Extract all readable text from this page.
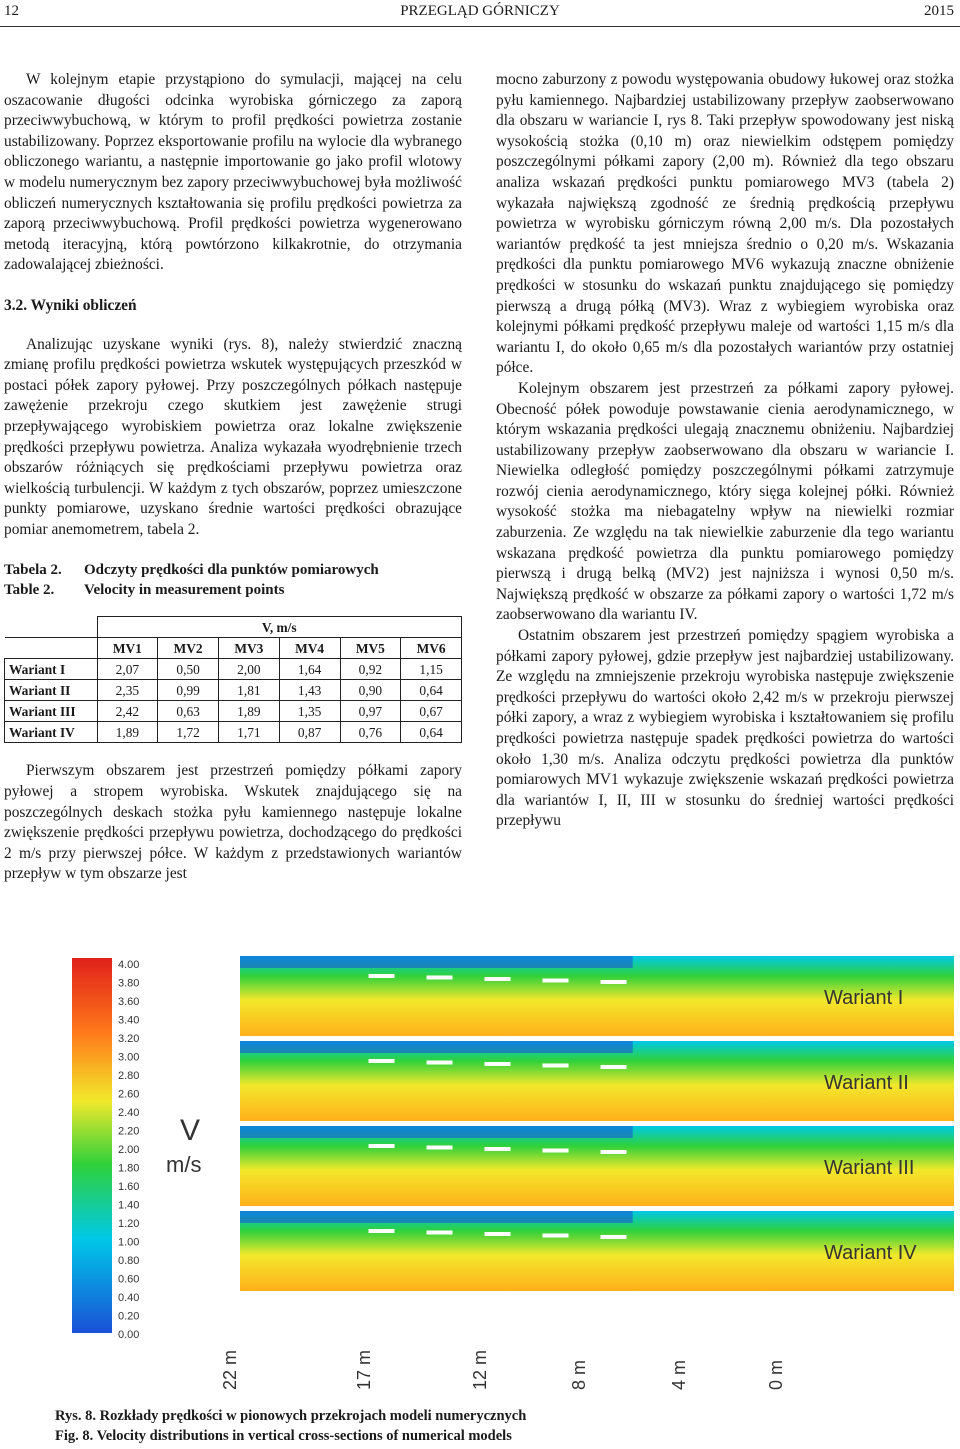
12	PRZEGLĄD GÓRNICZY	2015

W kolejnym etapie przystąpiono do symulacji, mającej na celu oszacowanie długości odcinka wyrobiska górniczego za zaporą przeciwwybuchową, w którym to profil prędkości powietrza zostanie ustabilizowany. Poprzez eksportowanie profilu na wylocie dla wybranego obliczonego wariantu, a następnie importowanie go jako profil wlotowy w modelu numerycznym bez zapory przeciwwybuchowej była możliwość obliczeń numerycznych kształtowania się profilu prędkości powietrza za zaporą przeciwwybuchową. Profil prędkości powietrza wygenerowano metodą iteracyjną, którą powtórzono kilkakrotnie, do otrzymania zadowalającej zbieżności.

3.2. Wyniki obliczeń

Analizując uzyskane wyniki (rys. 8), należy stwierdzić znaczną zmianę profilu prędkości powietrza wskutek występujących przeszkód w postaci półek zapory pyłowej. Przy poszczególnych półkach następuje zawężenie przekroju czego skutkiem jest zawężenie strugi przepływającego wyrobiskiem powietrza oraz lokalne zwiększenie prędkości przepływu powietrza. Analiza wykazała wyodrębnienie trzech obszarów różniących się prędkościami przepływu powietrza oraz wielkością turbulencji. W każdym z tych obszarów, poprzez umieszczone punkty pomiarowe, uzyskano średnie wartości prędkości obrazujące pomiar anemometrem, tabela 2.

Tabela 2.	Odczyty prędkości dla punktów pomiarowych
Table 2.	Velocity in measurement points
	V, m/s					
	MV1	MV2	MV3	MV4	MV5	MV6
Wariant I	2,07	0,50	2,00	1,64	0,92	1,15
Wariant II	2,35	0,99	1,81	1,43	0,90	0,64
Wariant III	2,42	0,63	1,89	1,35	0,97	0,67
Wariant IV	1,89	1,72	1,71	0,87	0,76	0,64

Pierwszym obszarem jest przestrzeń pomiędzy półkami zapory pyłowej a stropem wyrobiska. Wskutek znajdującego się na poszczególnych deskach stożka pyłu kamiennego następuje lokalne zwiększenie prędkości przepływu powietrza, dochodzącego do prędkości 2 m/s przy pierwszej półce. W każdym z przedstawionych wariantów przepływ w tym obszarze jest

mocno zaburzony z powodu występowania obudowy łukowej oraz stożka pyłu kamiennego. Najbardziej ustabilizowany przepływ zaobserwowano dla obszaru w wariancie I, rys 8. Taki przepływ spowodowany jest niską wysokością stożka (0,10 m) oraz niewielkim odstępem pomiędzy poszczególnymi półkami zapory (2,00 m). Również dla tego obszaru analiza wskazań prędkości punktu pomiarowego MV3 (tabela 2) wykazała największą zgodność ze średnią prędkością przepływu powietrza w wyrobisku górniczym równą 2,00 m/s. Dla pozostałych wariantów prędkość ta jest mniejsza średnio o 0,20 m/s. Wskazania prędkości dla punktu pomiarowego MV6 wykazują znaczne obniżenie prędkości w stosunku do wskazań punktu znajdującego się pomiędzy pierwszą a drugą półką (MV3). Wraz z wybiegiem wyrobiska oraz kolejnymi półkami prędkość przepływu maleje od wartości 1,15 m/s dla wariantu I, do około 0,65 m/s dla pozostałych wariantów przy ostatniej półce.

Kolejnym obszarem jest przestrzeń za półkami zapory pyłowej. Obecność półek powoduje powstawanie cienia aerodynamicznego, w którym wskazania prędkości ulegają znacznemu obniżeniu. Najbardziej ustabilizowany przepływ zaobserwowano dla obszaru w wariancie I. Niewielka odległość pomiędzy poszczególnymi półkami zatrzymuje rozwój cienia aerodynamicznego, który sięga kolejnej półki. Również wysokość stożka ma niebagatelny wpływ na niewielki rozmiar zaburzenia. Ze względu na tak niewielkie zaburzenie dla tego wariantu wskazana prędkość powietrza dla punktu pomiarowego pomiędzy pierwszą i drugą belką (MV2) jest najniższa i wynosi 0,50 m/s. Największą prędkość w obszarze za półkami zapory o wartości 1,72 m/s zaobserwowano dla wariantu IV.

Ostatnim obszarem jest przestrzeń pomiędzy spągiem wyrobiska a półkami zapory pyłowej, gdzie przepływ jest najbardziej ustabilizowany. Ze względu na zmniejszenie przekroju wyrobiska następuje zwiększenie prędkości przepływu do wartości około 2,42 m/s w przekroju pierwszej półki zapory, a wraz z wybiegiem wyrobiska i kształtowaniem się profilu prędkości powietrza następuje spadek prędkości powietrza do wartości około 1,30 m/s. Analiza odczytu prędkości powietrza dla punktów pomiarowych MV1 wykazuje zwiększenie wskazań prędkości powietrza dla wariantów I, II, III w stosunku do średniej wartości prędkości przepływu

4.00
3.80
3.60
3.40
3.20
3.00
2.80
2.60
2.40
2.20
2.00
1.80
1.60
1.40
1.20
1.00
0.80
0.60
0.40
0.20
0.00
V
m/s
Wariant I
Wariant II
Wariant III
Wariant IV
22 m	17 m	12 m	8 m	4 m	0 m
Rys. 8. Rozkłady prędkości w pionowych przekrojach modeli numerycznych
Fig. 8. Velocity distributions in vertical cross-sections of numerical models
